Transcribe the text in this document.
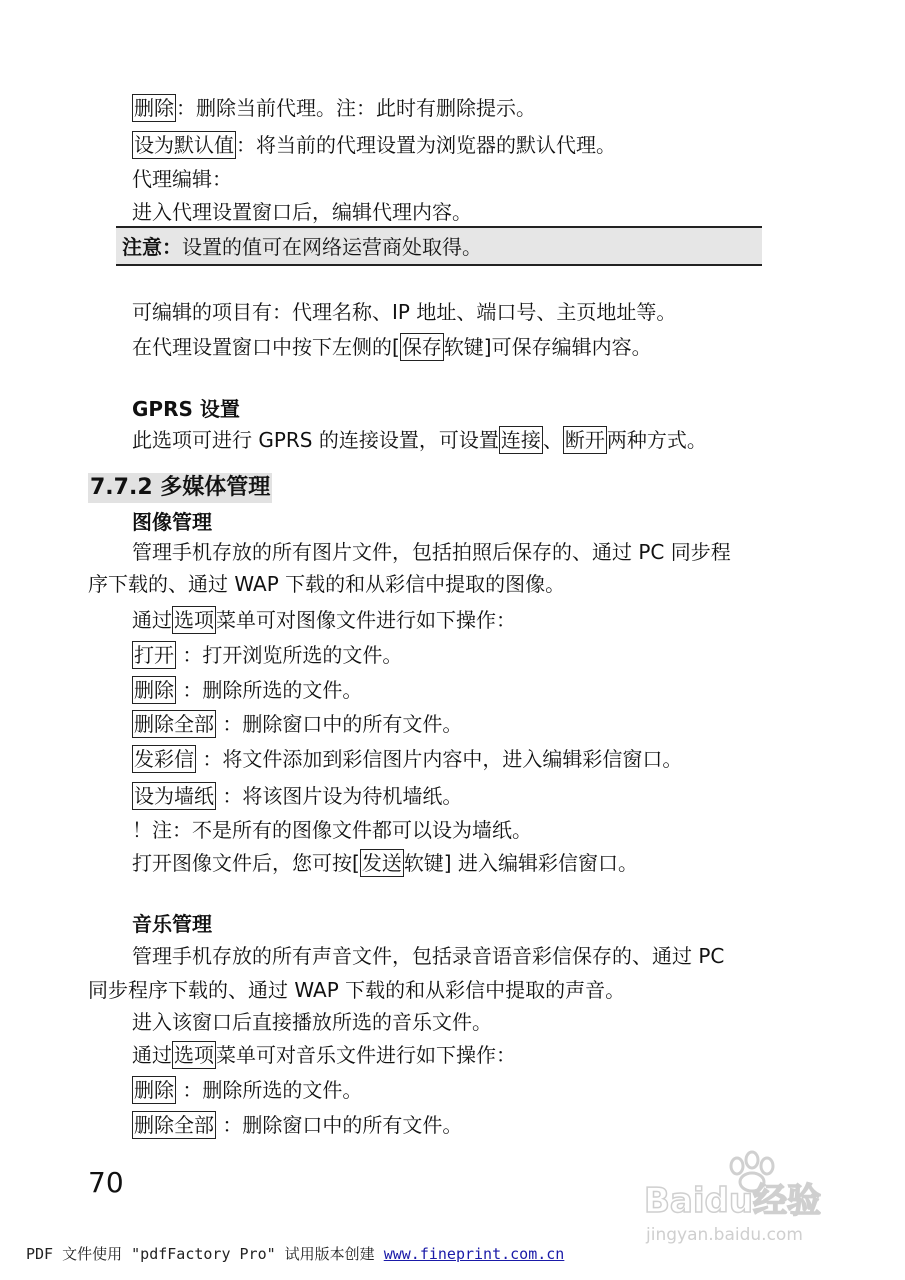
删除 ：删除当前代理。注：此时有删除提示。
设为默认值 ：将当前的代理设置为浏览器的默认代理。
代理编辑：
进入代理设置窗口后，编辑代理内容。
注意：设置的值可在网络运营商处取得。
可编辑的项目有：代理名称、IP 地址、端口号、主页地址等。
在代理设置窗口中按下左侧的[ 保存 软键]可保存编辑内容。
GPRS 设置
此选项可进行 GPRS 的连接设置，可设置 连接 、 断开 两种方式。
7.7.2 多媒体管理
图像管理
管理手机存放的所有图片文件，包括拍照后保存的、通过 PC 同步程
序下载的、通过 WAP 下载的和从彩信中提取的图像。
通过 选项 菜单可对图像文件进行如下操作：
打开 ：打开浏览所选的文件。
删除 ：删除所选的文件。
删除全部 ：删除窗口中的所有文件。
发彩信 ：将文件添加到彩信图片内容中，进入编辑彩信窗口。
设为墙纸 ：将该图片设为待机墙纸。
！注：不是所有的图像文件都可以设为墙纸。
打开图像文件后，您可按[ 发送 软键] 进入编辑彩信窗口。
音乐管理
管理手机存放的所有声音文件，包括录音语音彩信保存的、通过 PC
同步程序下载的、通过 WAP 下载的和从彩信中提取的声音。
进入该窗口后直接播放所选的音乐文件。
通过 选项 菜单可对音乐文件进行如下操作：
删除 ：删除所选的文件。
删除全部 ：删除窗口中的所有文件。
70	Baidu经验
jingyan.baidu.com
PDF 文件使用 "pdfFactory Pro" 试用版本创建 www.fineprint.com.cn
